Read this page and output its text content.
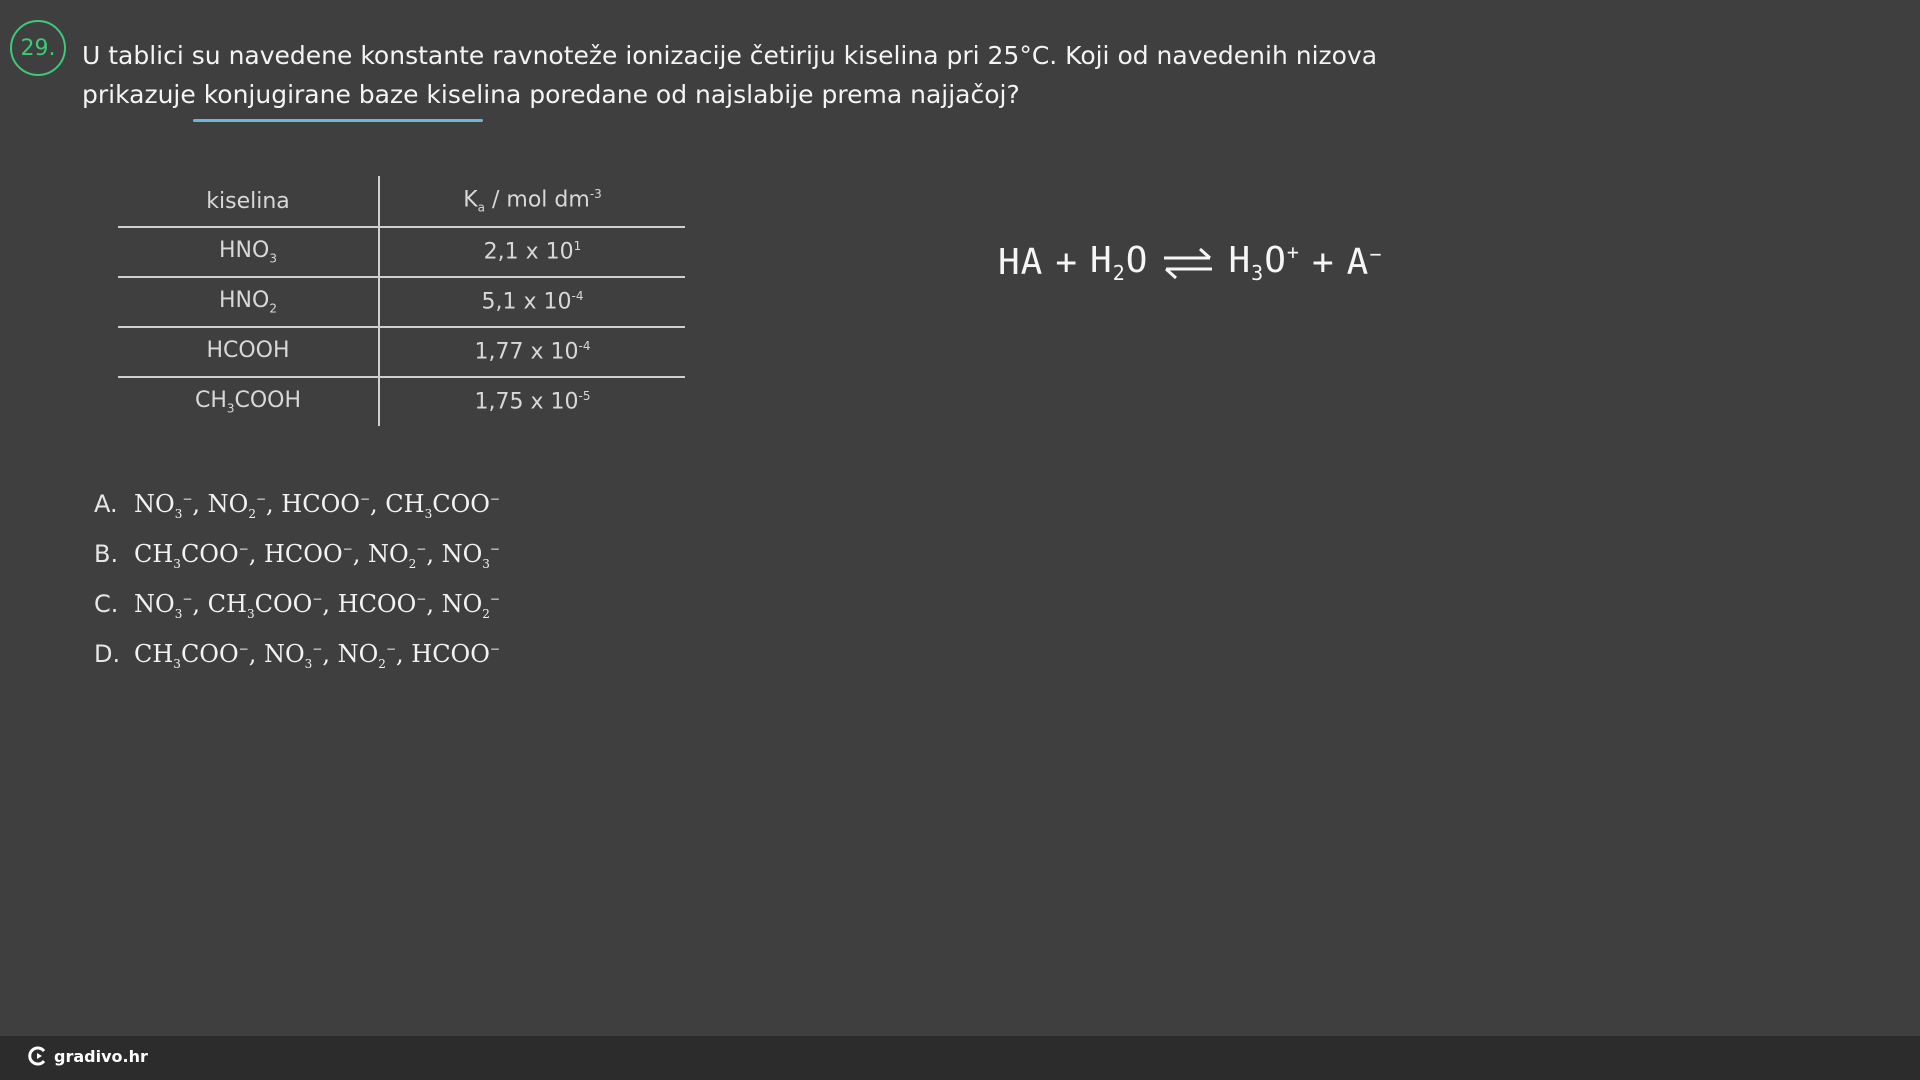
29. U tablici su navedene konstante ravnoteže ionizacije četiriju kiselina pri 25°C. Koji od navedenih nizova

prikazuje konjugirane baze kiselina poredane od najslabije prema najjačoj?

kiselina	$K_a$ / mol $dm^{-3}$
$HNO_3$	2,1 x $10^1$
$HNO_2$	5,1 x $10^{-4}$
HCOOH	1,77 x $10^{-4}$
$CH_3COOH$	1,75 x $10^{-5}$
HA + $H_2O$ ⇌ $H_3O^+ + A^-$
A. $NO_3^-$, $NO_2^-$, HCOO−, $CH_3COO^-$
B. $CH_3COO^-$, HCOO−, $NO_2^-$, $NO_3^-$
C. $NO_3^-$, $CH_3COO^-$, HCOO−, $NO_2^-$
D. $CH_3COO^-$, $NO_3^-$, $NO_2^-$, HCOO−
gradivo.hr
